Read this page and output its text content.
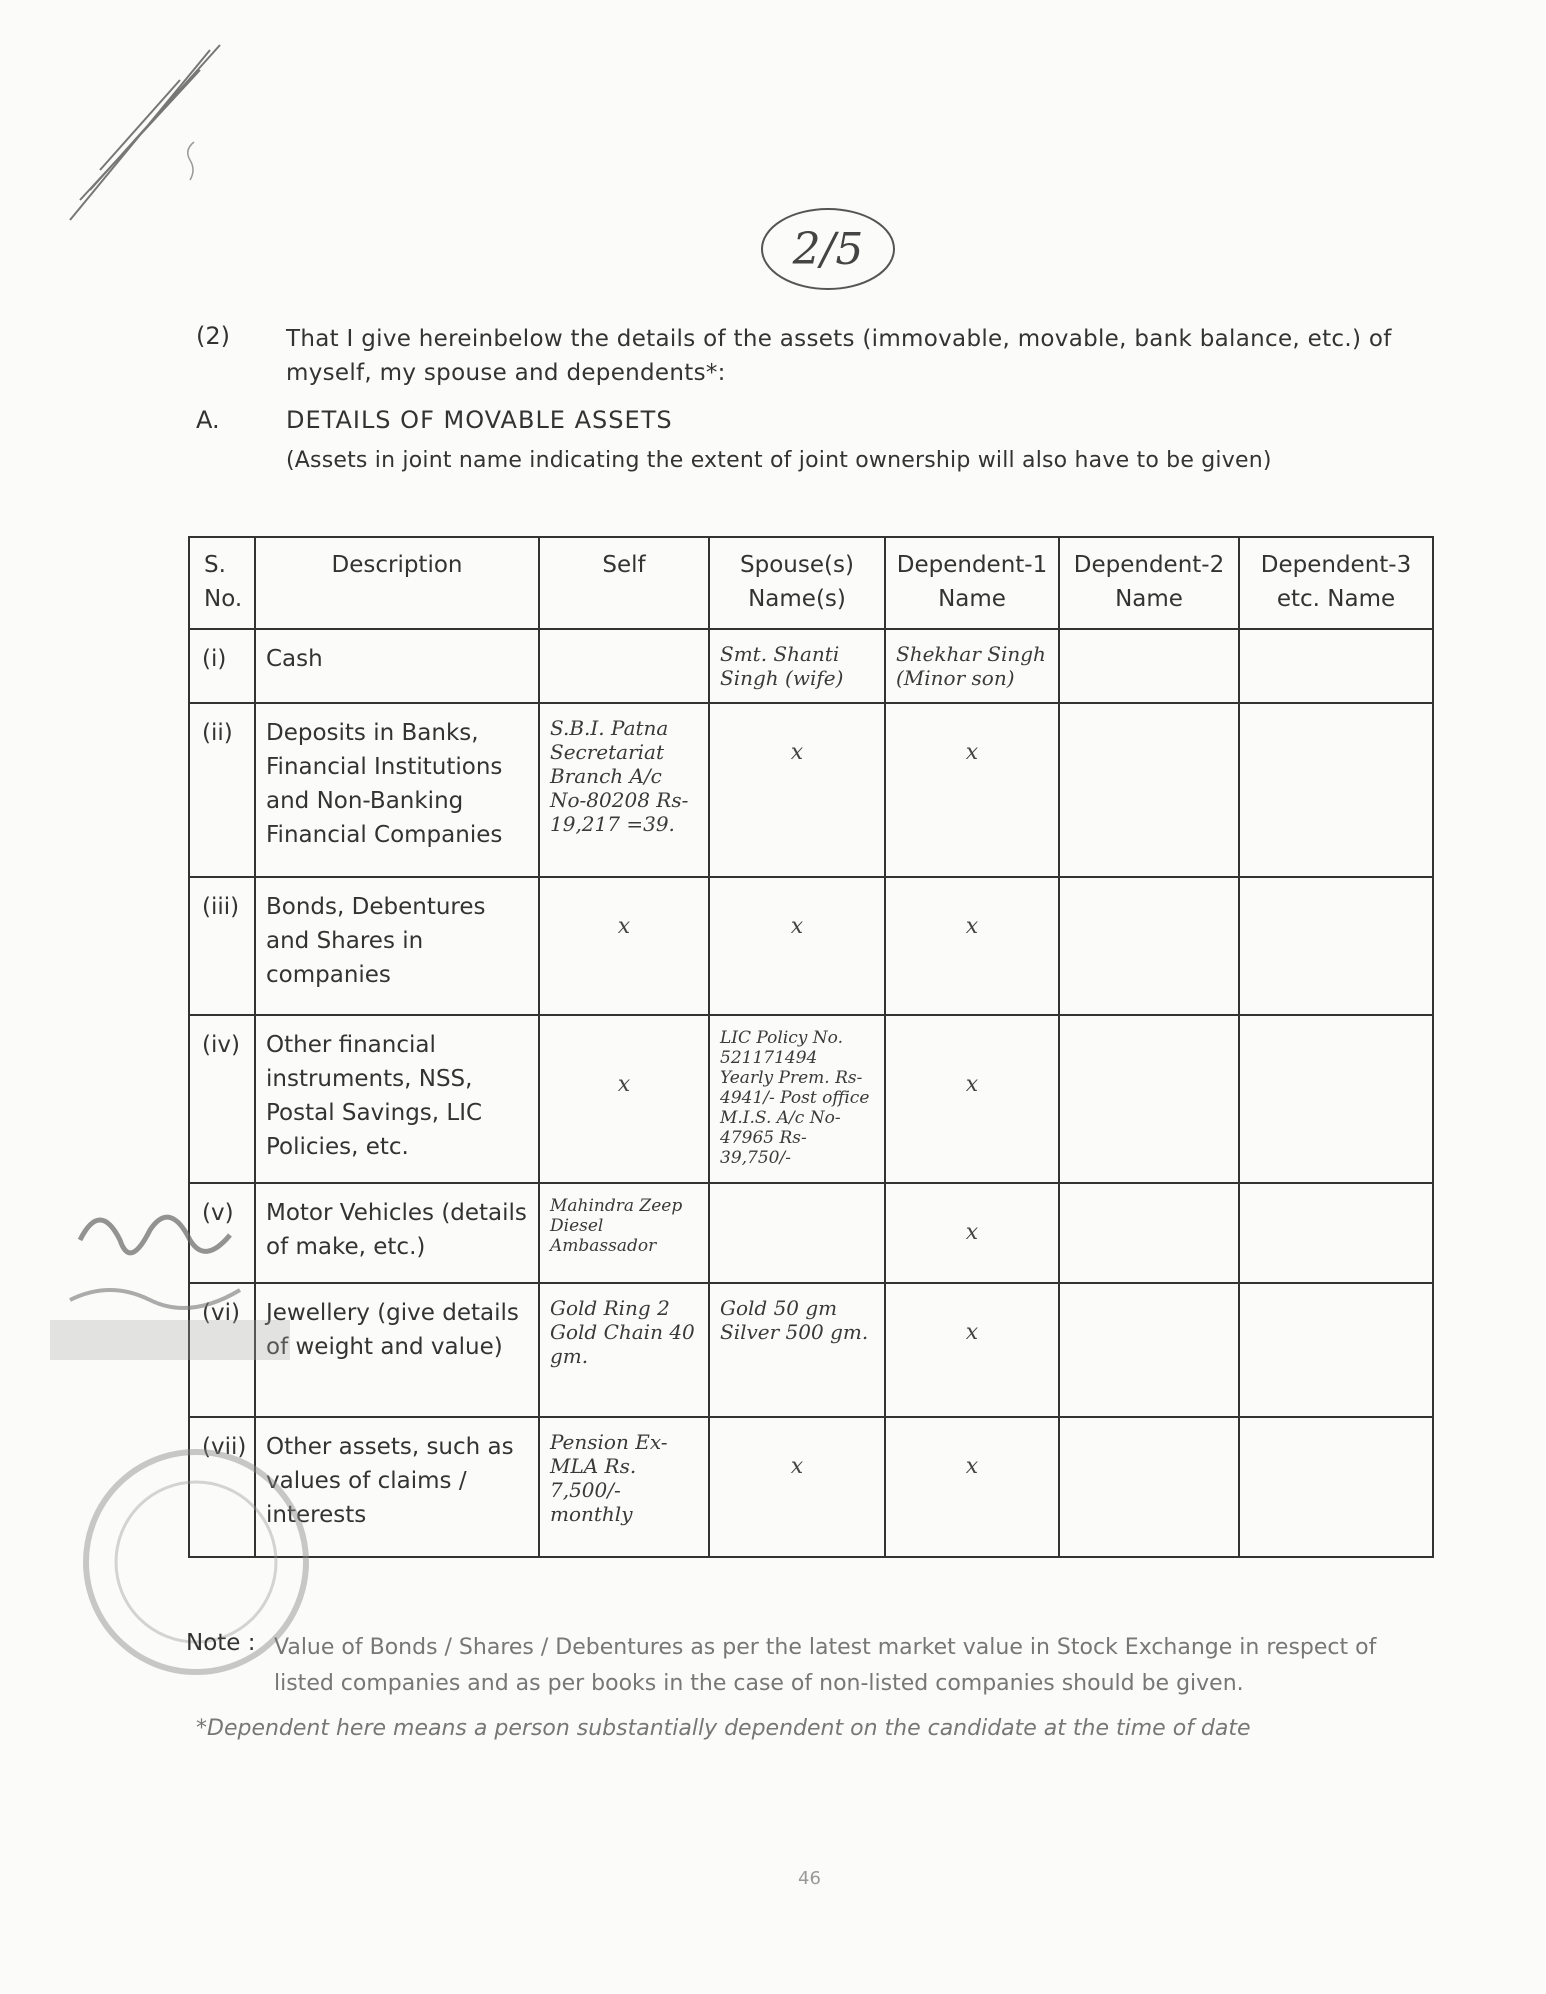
2/5
(2) That I give hereinbelow the details of the assets (immovable, movable, bank balance, etc.) of myself, my spouse and dependents*:
A.	DETAILS OF MOVABLE ASSETS
(Assets in joint name indicating the extent of joint ownership will also have to be given)
S. No.	Description	Self	Spouse(s) Name(s)	Dependent-1 Name	Dependent-2 Name	Dependent-3 etc. Name
(i)	Cash		Smt. Shanti Singh (wife)	Shekhar Singh (Minor son)		

(ii)	Deposits in Banks, Financial Institutions and Non-Banking Financial Companies	S.B.I. Patna Secretariat Branch A/c No-80208 Rs- 19,217 =39.	x	x		

(iii)	Bonds, Debentures and Shares in companies	x	x	x		

(iv)	Other financial instruments, NSS, Postal Savings, LIC Policies, etc.	x	LIC Policy No. 521171494 Yearly Prem. Rs- 4941/- Post office M.I.S. A/c No- 47965 Rs- 39,750/-	x		

(v)	Motor Vehicles (details of make, etc.)	Mahindra Zeep Diesel Ambassador		x		

(vi)	Jewellery (give details of weight and value)	Gold Ring 2 Gold Chain 40 gm.	Gold 50 gm Silver 500 gm.	x		

(vii)	Other assets, such as values of claims / interests	Pension Ex-MLA Rs. 7,500/- monthly	x	x		

Note : Value of Bonds / Shares / Debentures as per the latest market value in Stock Exchange in respect of listed companies and as per books in the case of non-listed companies should be given.
*Dependent here means a person substantially dependent on the candidate at the time of date
46
